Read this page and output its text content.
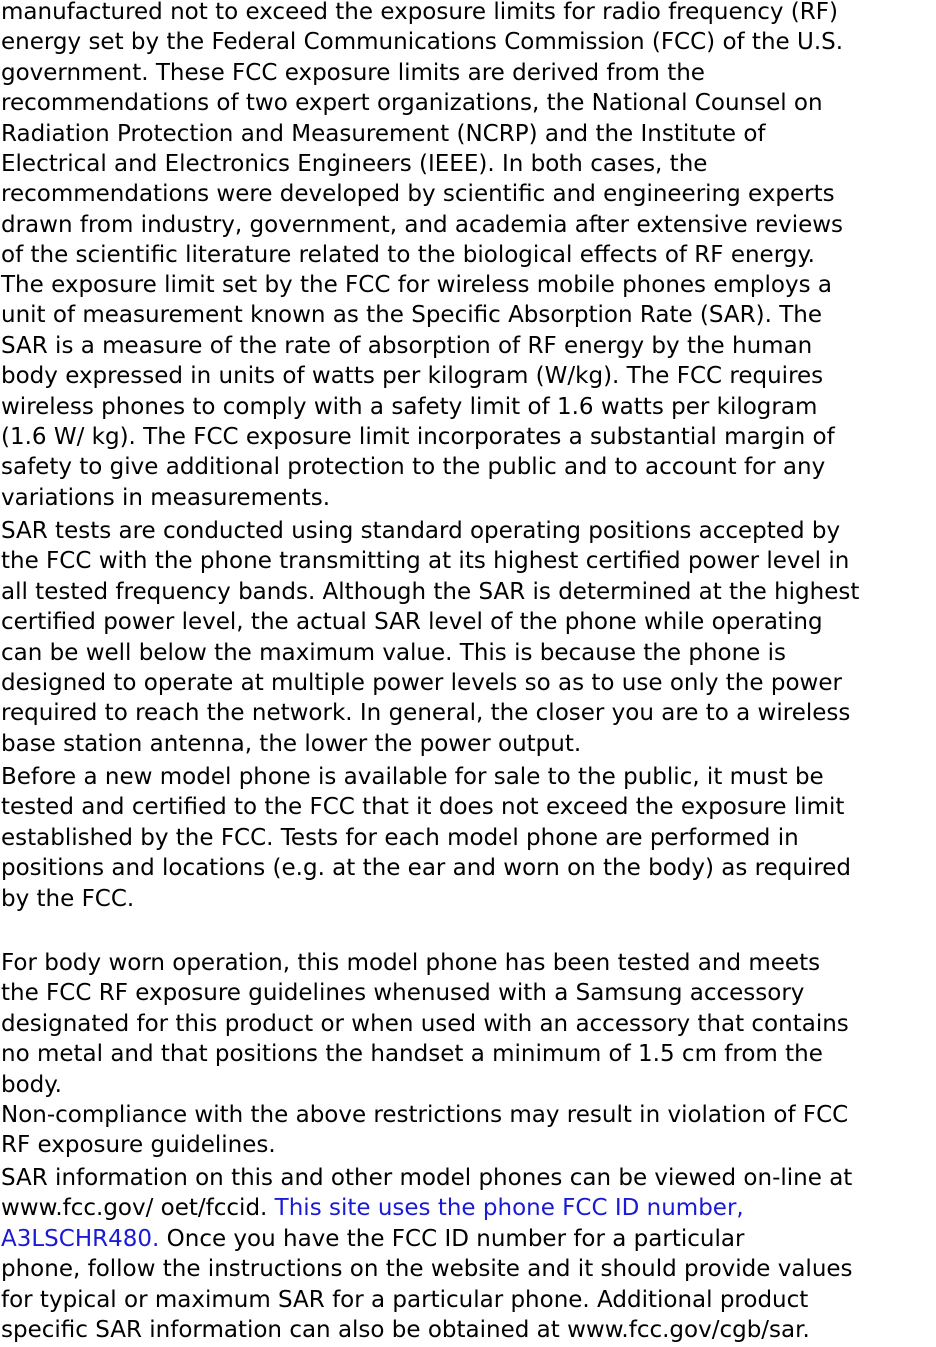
manufactured not to exceed the exposure limits for radio frequency (RF)
energy set by the Federal Communications Commission (FCC) of the U.S.
government. These FCC exposure limits are derived from the
recommendations of two expert organizations, the National Counsel on
Radiation Protection and Measurement (NCRP) and the Institute of
Electrical and Electronics Engineers (IEEE). In both cases, the
recommendations were developed by scientific and engineering experts
drawn from industry, government, and academia after extensive reviews
of the scientific literature related to the biological effects of RF energy.

The exposure limit set by the FCC for wireless mobile phones employs a
unit of measurement known as the Specific Absorption Rate (SAR). The
SAR is a measure of the rate of absorption of RF energy by the human
body expressed in units of watts per kilogram (W/kg). The FCC requires
wireless phones to comply with a safety limit of 1.6 watts per kilogram
(1.6 W/ kg). The FCC exposure limit incorporates a substantial margin of
safety to give additional protection to the public and to account for any
variations in measurements.

SAR tests are conducted using standard operating positions accepted by
the FCC with the phone transmitting at its highest certified power level in
all tested frequency bands. Although the SAR is determined at the highest
certified power level, the actual SAR level of the phone while operating
can be well below the maximum value. This is because the phone is
designed to operate at multiple power levels so as to use only the power
required to reach the network. In general, the closer you are to a wireless
base station antenna, the lower the power output.

Before a new model phone is available for sale to the public, it must be
tested and certified to the FCC that it does not exceed the exposure limit
established by the FCC. Tests for each model phone are performed in
positions and locations (e.g. at the ear and worn on the body) as required
by the FCC.

For body worn operation, this model phone has been tested and meets
the FCC RF exposure guidelines whenused with a Samsung accessory
designated for this product or when used with an accessory that contains
no metal and that positions the handset a minimum of 1.5 cm from the
body.

Non-compliance with the above restrictions may result in violation of FCC
RF exposure guidelines.

SAR information on this and other model phones can be viewed on-line at
www.fcc.gov/ oet/fccid. This site uses the phone FCC ID number,
A3LSCHR480. Once you have the FCC ID number for a particular
phone, follow the instructions on the website and it should provide values
for typical or maximum SAR for a particular phone. Additional product
specific SAR information can also be obtained at www.fcc.gov/cgb/sar.
